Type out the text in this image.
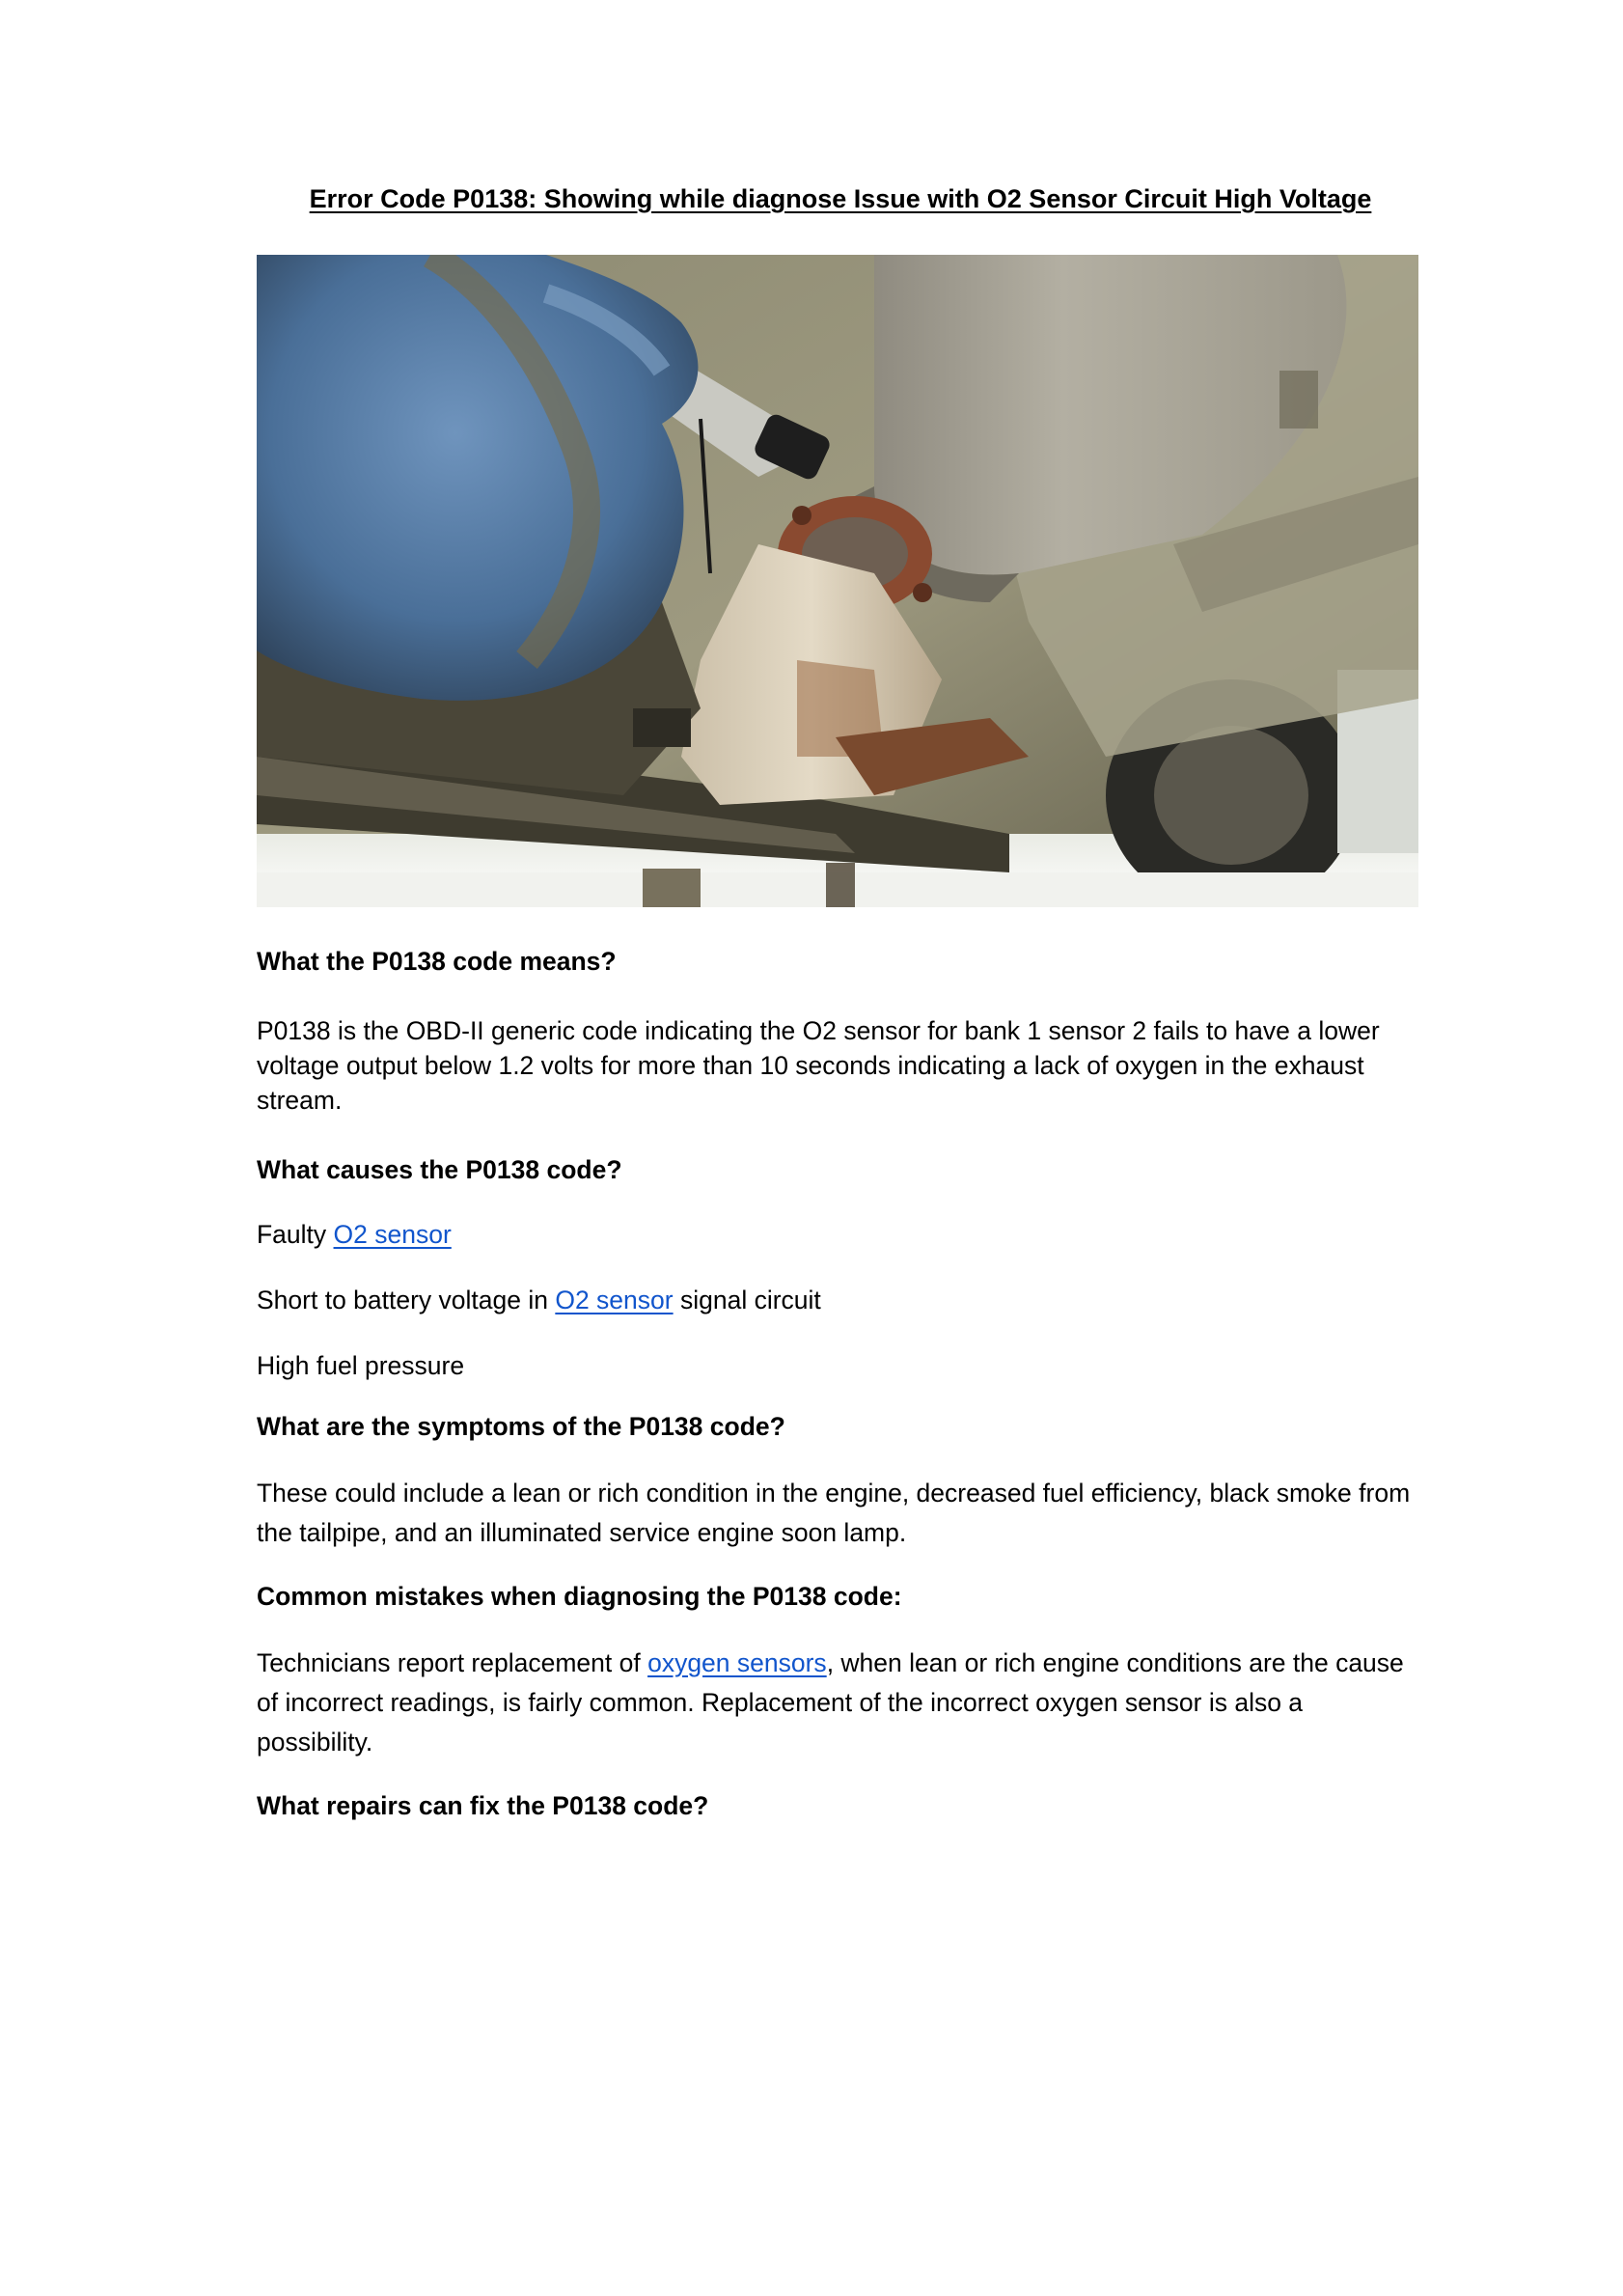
Error Code P0138: Showing while diagnose Issue with O2 Sensor Circuit High Voltage

What the P0138 code means?

P0138 is the OBD-II generic code indicating the O2 sensor for bank 1 sensor 2 fails to have a lower voltage output below 1.2 volts for more than 10 seconds indicating a lack of oxygen in the exhaust stream.

What causes the P0138 code?

Faulty O2 sensor

Short to battery voltage in O2 sensor signal circuit

High fuel pressure

What are the symptoms of the P0138 code?

These could include a lean or rich condition in the engine, decreased fuel efficiency, black smoke from the tailpipe, and an illuminated service engine soon lamp.

Common mistakes when diagnosing the P0138 code:

Technicians report replacement of oxygen sensors, when lean or rich engine conditions are the cause of incorrect readings, is fairly common. Replacement of the incorrect oxygen sensor is also a possibility.

What repairs can fix the P0138 code?
